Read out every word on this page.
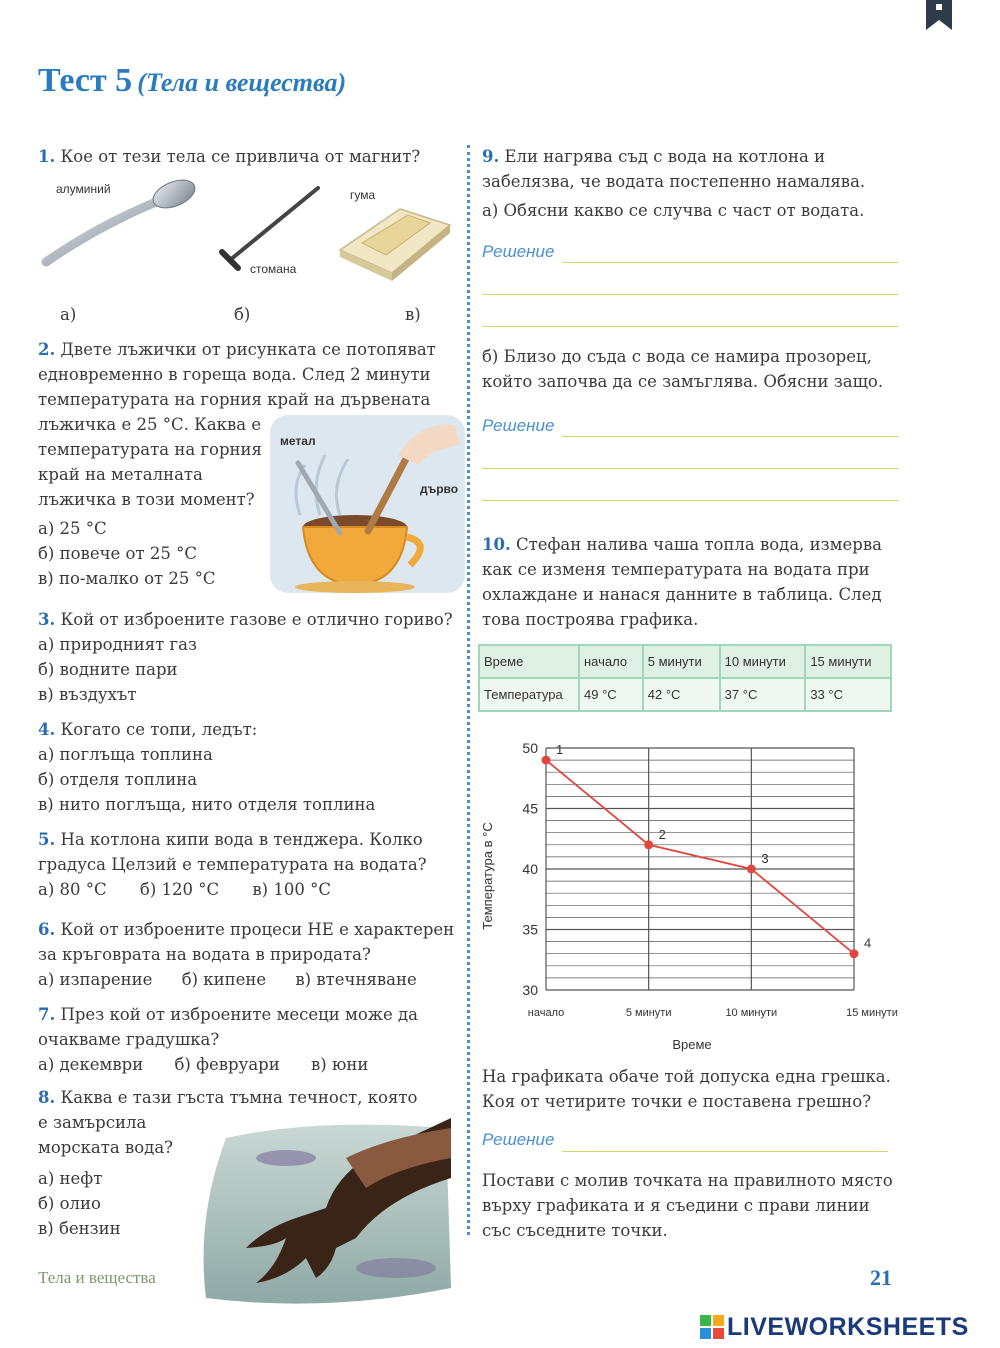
Тест 5 (Тела и вещества)
1. Кое от тези тела се привлича от магнит?
алуминий	гума
стомана
а)	б)	в)
2. Двете лъжички от рисунката се потопяват
едновременно в гореща вода. След 2 минути
температурата на горния край на дървената
лъжичка е 25 °С. Каква е
температурата на горния
край на металната
лъжичка в този момент?
а) 25 °С
б) повече от 25 °С
в) по-малко от 25 °С
метал
дърво
3. Кой от изброените газове е отлично гориво?
а) природният газ
б) водните пари
в) въздухът
4. Когато се топи, ледът:
а) поглъща топлина
б) отделя топлина
в) нито поглъща, нито отделя топлина
5. На котлона кипи вода в тенджера. Колко
градуса Целзий е температурата на водата?
а) 80 °С б) 120 °С в) 100 °С
6. Кой от изброените процеси НЕ е характерен
за кръговрата на водата в природата?
а) изпарение б) кипене в) втечняване
7. През кой от изброените месеци може да
очакваме градушка?
а) декември б) февруари в) юни
8. Каква е тази гъста тъмна течност, която
е замърсила
морската вода?
а) нефт
б) олио
в) бензин
9. Ели нагрява съд с вода на котлона и
забелязва, че водата постепенно намалява.
а) Обясни какво се случва с част от водата.
Решение
б) Близо до съда с вода се намира прозорец,
който започва да се замъглява. Обясни защо.
Решение
10. Стефан налива чаша топла вода, измерва
как се изменя температурата на водата при
охлаждане и нанася данните в таблица. След
това построява графика.
Време	начало	5 минути	10 минути	15 минути
Температура	49 °С	42 °С	37 °С	33 °С
30
35
40
45
50
начало	5 минути	10 минути	15 минути
1
2
3
4
Време
Температура в °С
На графиката обаче той допуска една грешка.
Коя от четирите точки е поставена грешно?
Решение
Постави с молив точката на правилното място
върху графиката и я съедини с прави линии
със съседните точки.
Тела и вещества	21
LIVEWORKSHEETS
